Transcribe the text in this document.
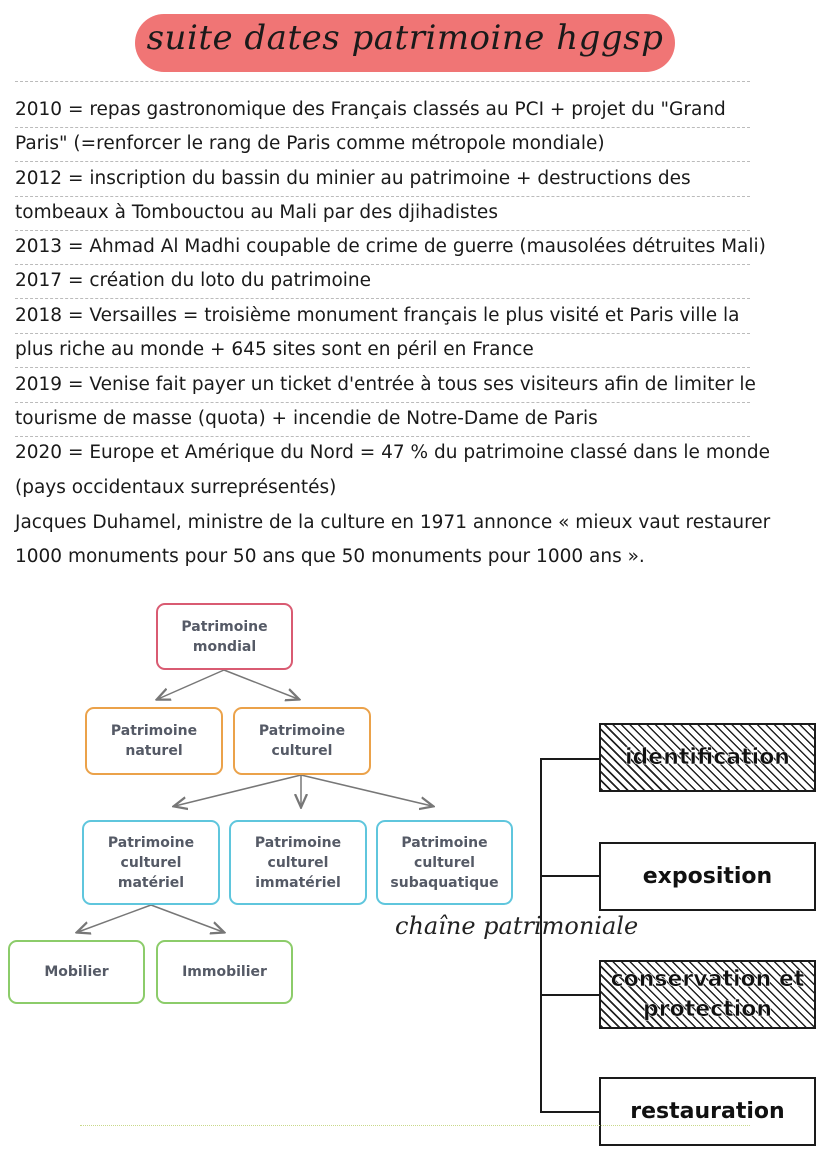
suite dates patrimoine hggsp
2010 = repas gastronomique des Français classés au PCI + projet du "Grand
Paris" (=renforcer le rang de Paris comme métropole mondiale)
2012 = inscription du bassin du minier au patrimoine + destructions des
tombeaux à Tombouctou au Mali par des djihadistes
2013 = Ahmad Al Madhi coupable de crime de guerre (mausolées détruites Mali)
2017 = création du loto du patrimoine
2018 = Versailles = troisième monument français le plus visité et Paris ville la
plus riche au monde + 645 sites sont en péril en France
2019 = Venise fait payer un ticket d'entrée à tous ses visiteurs afin de limiter le
tourisme de masse (quota) + incendie de Notre-Dame de Paris
2020 = Europe et Amérique du Nord = 47 % du patrimoine classé dans le monde
(pays occidentaux surreprésentés)
Jacques Duhamel, ministre de la culture en 1971 annonce « mieux vaut restaurer
1000 monuments pour 50 ans que 50 monuments pour 1000 ans ».
Patrimoine mondial
Patrimoine naturel
Patrimoine culturel
Patrimoine culturel matériel
Patrimoine culturel immatériel
Patrimoine culturel subaquatique
Mobilier	Immobilier
identification
exposition
conservation et protection
restauration
chaîne patrimoniale
